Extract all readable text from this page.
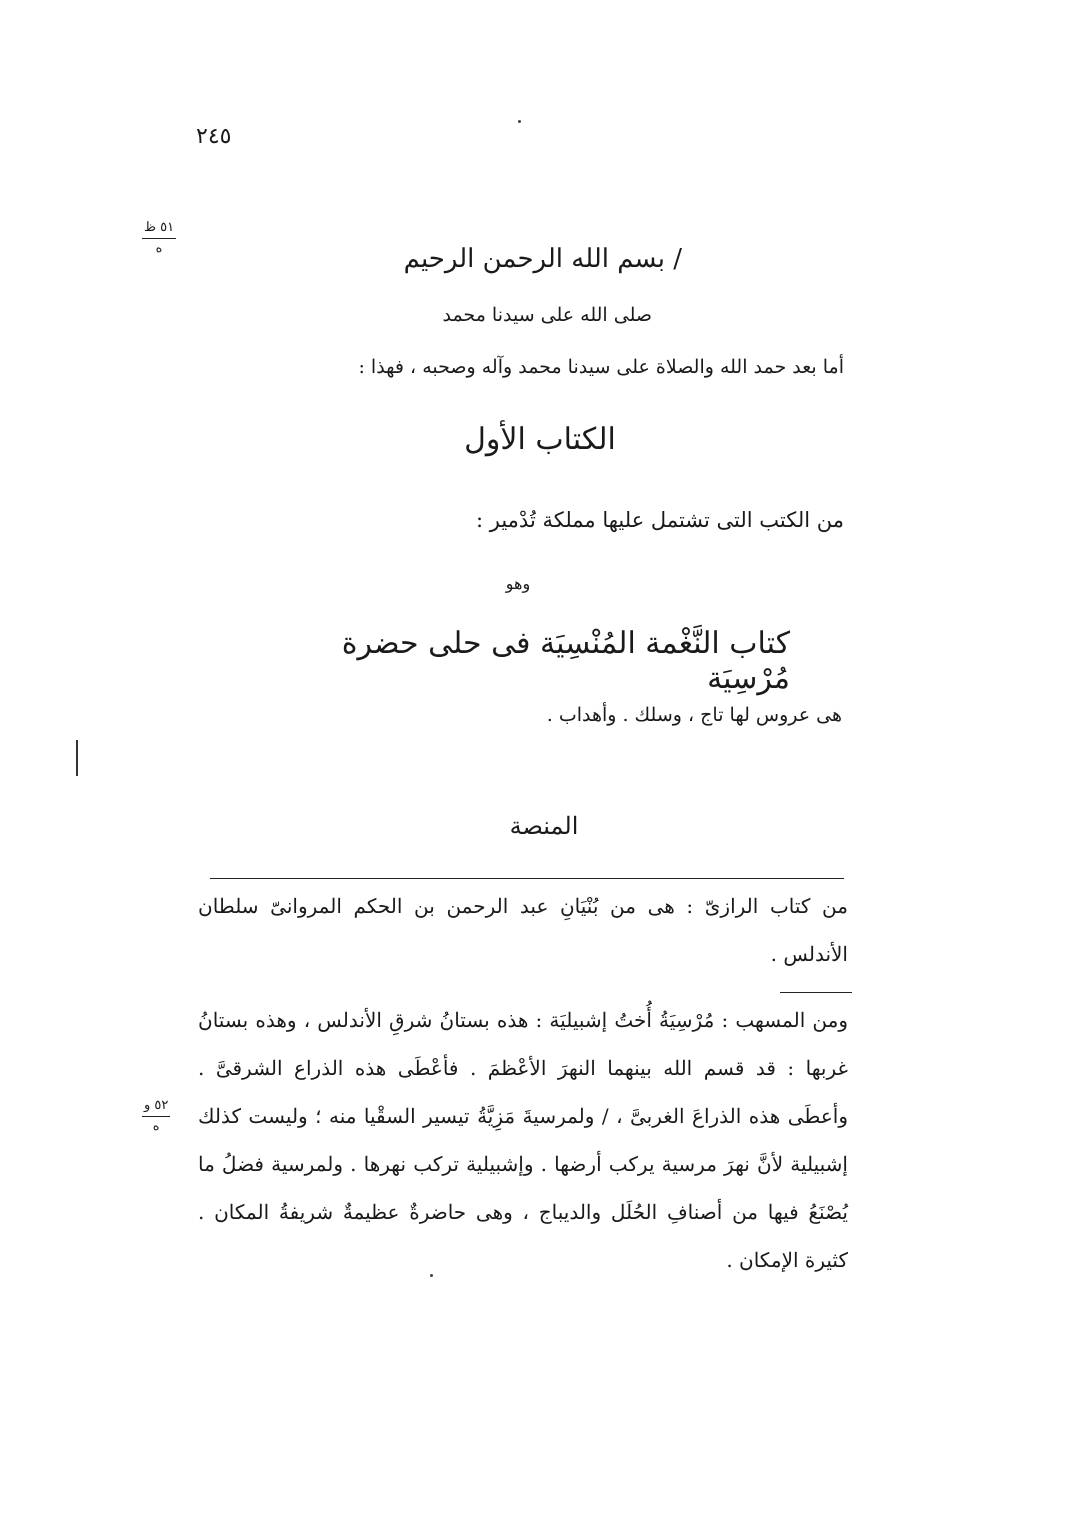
٢٤٥
٥١ ظ
ه
٥٢ و
ه
/ بسم الله الرحمن الرحيم
صلى الله على سيدنا محمد
أما بعد حمد الله والصلاة على سيدنا محمد وآله وصحبه ، فهذا :
الكتاب الأول
من الكتب التى تشتمل عليها مملكة تُدْمير :
وهو
كتاب النَّغْمة المُنْسِيَة فى حلى حضرة مُرْسِيَة
هى عروس لها تاج ، وسلك . وأهداب .
المنصة
من كتاب الرازىّ : هى من بُنْيَانِ عبد الرحمن بن الحكم المروانىّ سلطان الأندلس .
ومن المسهب : مُرْسِيَةُ أُختُ إشبيليَة : هذه بستانُ شرقِ الأندلس ، وهذه بستانُ غربها : قد قسم الله بينهما النهرَ الأعْظمَ . فأعْطَى هذه الذراع الشرقىَّ . وأعطَى هذه الذراعَ الغربىَّ ، / ولمرسيةَ مَزِيَّةُ تيسير السقْيا منه ؛ وليست كذلك إشبيلية لأنَّ نهرَ مرسية يركب أرضها . وإشبيلية تركب نهرها . ولمرسية فضلُ ما يُصْنَعُ فيها من أصنافِ الحُلَل والديباج ، وهى حاضرةٌ عظيمةٌ شريفةُ المكان . كثيرة الإمكان .
